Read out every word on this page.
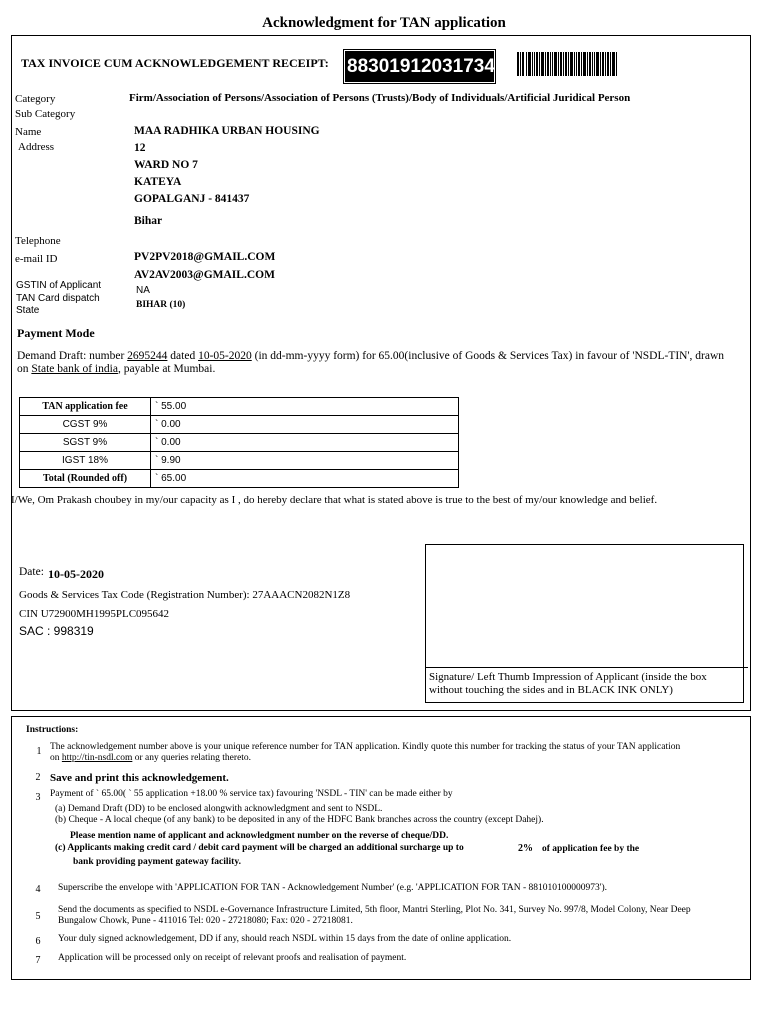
Acknowledgment for TAN application
TAX INVOICE CUM ACKNOWLEDGEMENT RECEIPT: 88301912031734
Category	Firm/Association of Persons/Association of Persons (Trusts)/Body of Individuals/Artificial Juridical Person
Sub Category
Name	MAA RADHIKA URBAN HOUSING
Address	12
WARD NO 7
KATEYA
GOPALGANJ - 841437
Bihar
Telephone
e-mail ID	PV2PV2018@GMAIL.COM
AV2AV2003@GMAIL.COM
GSTIN of Applicant	NA
TAN Card dispatch
State	BIHAR (10)
Payment Mode
Demand Draft: number 2695244 dated 10-05-2020 (in dd-mm-yyyy form) for 65.00(inclusive of Goods & Services Tax) in favour of 'NSDL-TIN', drawn
on State bank of india, payable at Mumbai.
TAN application fee	` 55.00
CGST 9%	` 0.00
SGST 9%	` 0.00
IGST 18%	` 9.90
Total (Rounded off)	` 65.00
I/We, Om Prakash choubey in my/our capacity as I , do hereby declare that what is stated above is true to the best of my/our knowledge and belief.
Date: 10-05-2020
Goods & Services Tax Code (Registration Number): 27AAACN2082N1Z8
CIN U72900MH1995PLC095642
SAC : 998319
Signature/ Left Thumb Impression of Applicant (inside the box
without touching the sides and in BLACK INK ONLY)
Instructions:
1 The acknowledgement number above is your unique reference number for TAN application. Kindly quote this number for tracking the status of your TAN application
on http://tin-nsdl.com or any queries relating thereto.
2 Save and print this acknowledgement.
3	Payment of ` 65.00( ` 55 application +18.00 % service tax) favouring 'NSDL - TIN' can be made either by
(a) Demand Draft (DD) to be enclosed alongwith acknowledgment and sent to NSDL.
(b) Cheque - A local cheque (of any bank) to be deposited in any of the HDFC Bank branches across the country (except Dahej).
Please mention name of applicant and acknowledgment number on the reverse of cheque/DD.
(c) Applicants making credit card / debit card payment will be charged an additional surcharge up to	2% of application fee by the
bank providing payment gateway facility.
4	Superscribe the envelope with 'APPLICATION FOR TAN - Acknowledgement Number' (e.g. 'APPLICATION FOR TAN - 881010100000973').
5
Send the documents as specified to NSDL e-Governance Infrastructure Limited, 5th floor, Mantri Sterling, Plot No. 341, Survey No. 997/8, Model Colony, Near Deep
Bungalow Chowk, Pune - 411016 Tel: 020 - 27218080; Fax: 020 - 27218081.
6	Your duly signed acknowledgement, DD if any, should reach NSDL within 15 days from the date of online application.
7	Application will be processed only on receipt of relevant proofs and realisation of payment.
